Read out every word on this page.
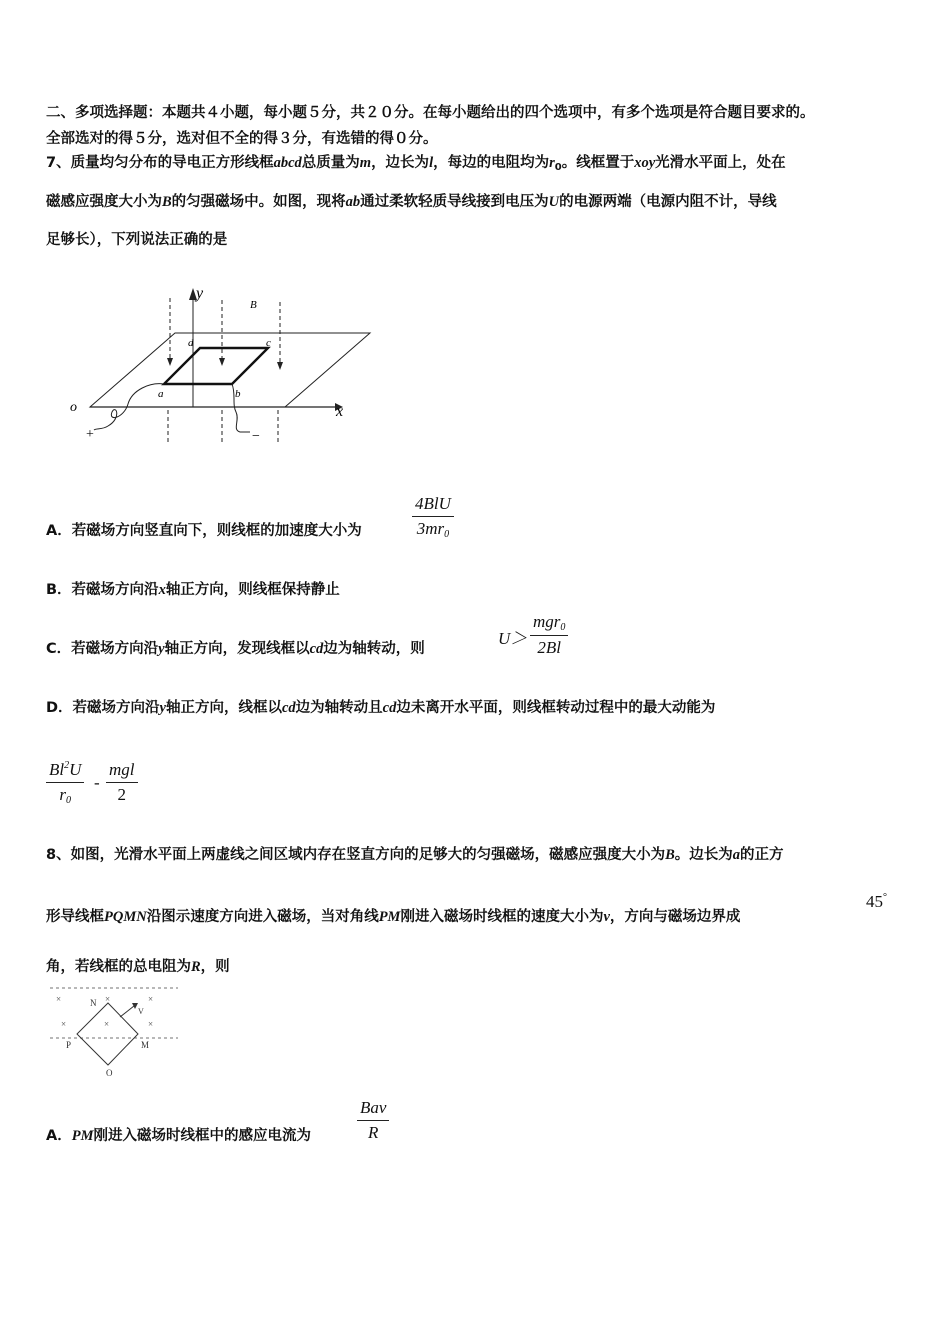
二、多项选择题：本题共４小题，每小题５分，共２０分。在每小题给出的四个选项中，有多个选项是符合题目要求的。
全部选对的得５分，选对但不全的得３分，有选错的得０分。
7、质量均匀分布的导电正方形线框abcd总质量为m，边长为l，每边的电阻均为$r_0$。线框置于xoy光滑水平面上，处在
磁感应强度大小为B的匀强磁场中。如图，现将ab通过柔软轻质导线接到电压为U的电源两端（电源内阻不计，导线
足够长），下列说法正确的是
y
B
d	c
a	b
o	x
+	−
A．若磁场方向竖直向下，则线框的加速度大小为
4BlU
$3mr_0$
B．若磁场方向沿x轴正方向，则线框保持静止
C．若磁场方向沿y轴正方向，发现线框以cd边为轴转动，则
U＞
mgr$_0$
2Bl
D．若磁场方向沿y轴正方向，线框以cd边为轴转动且cd边未离开水平面，则线框转动过程中的最大动能为
$\frac{Bl^2U}{r_0}$ -
mgl
2
8、如图，光滑水平面上两虚线之间区域内存在竖直方向的足够大的匀强磁场，磁感应强度大小为B。边长为a的正方
形导线框PQMN沿图示速度方向进入磁场，当对角线PM刚进入磁场时线框的速度大小为v，方向与磁场边界成
45°
角，若线框的总电阻为R，则
×	×	×
×	×	×
N
V
P	M
O
A．PM刚进入磁场时线框中的感应电流为
Bav
R
